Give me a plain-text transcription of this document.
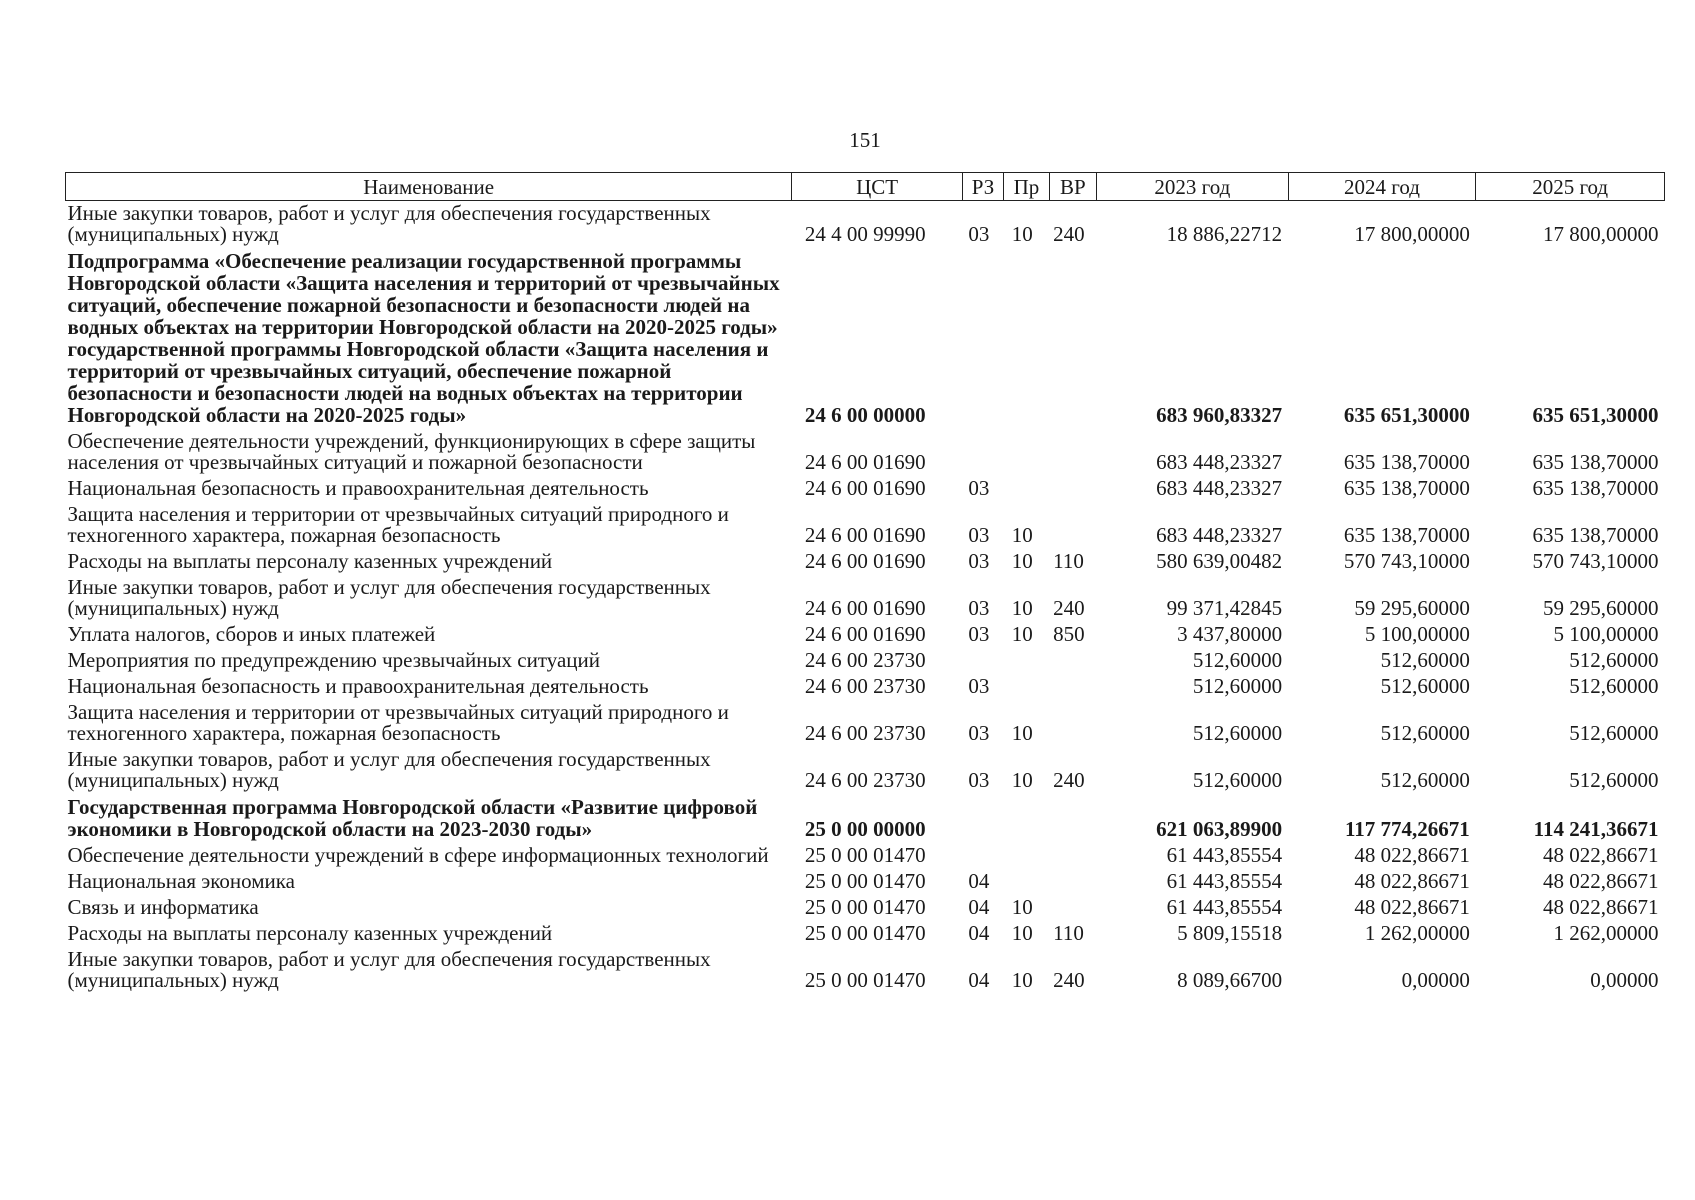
151
Наименование	ЦСТ	РЗ	Пр	ВР	2023 год	2024 год	2025 год
Иные закупки товаров, работ и услуг для обеспечения государственных (муниципальных) нужд	24 4 00 99990	03	10	240	18 886,22712	17 800,00000	17 800,00000
Подпрограмма «Обеспечение реализации государственной программы Новгородской области «Защита населения и территорий от чрезвычайных ситуаций, обеспечение пожарной безопасности и безопасности людей на водных объектах на территории Новгородской области на 2020-2025 годы» государственной программы Новгородской области «Защита населения и территорий от чрезвычайных ситуаций, обеспечение пожарной безопасности и безопасности людей на водных объектах на территории Новгородской области на 2020-2025 годы»	24 6 00 00000				683 960,83327	635 651,30000	635 651,30000
Обеспечение деятельности учреждений, функционирующих в сфере защиты населения от чрезвычайных ситуаций и пожарной безопасности	24 6 00 01690				683 448,23327	635 138,70000	635 138,70000
Национальная безопасность и правоохранительная деятельность	24 6 00 01690	03			683 448,23327	635 138,70000	635 138,70000
Защита населения и территории от чрезвычайных ситуаций природного и техногенного характера, пожарная безопасность	24 6 00 01690	03	10		683 448,23327	635 138,70000	635 138,70000
Расходы на выплаты персоналу казенных учреждений	24 6 00 01690	03	10	110	580 639,00482	570 743,10000	570 743,10000
Иные закупки товаров, работ и услуг для обеспечения государственных (муниципальных) нужд	24 6 00 01690	03	10	240	99 371,42845	59 295,60000	59 295,60000
Уплата налогов, сборов и иных платежей	24 6 00 01690	03	10	850	3 437,80000	5 100,00000	5 100,00000
Мероприятия по предупреждению чрезвычайных ситуаций	24 6 00 23730				512,60000	512,60000	512,60000
Национальная безопасность и правоохранительная деятельность	24 6 00 23730	03			512,60000	512,60000	512,60000
Защита населения и территории от чрезвычайных ситуаций природного и техногенного характера, пожарная безопасность	24 6 00 23730	03	10		512,60000	512,60000	512,60000
Иные закупки товаров, работ и услуг для обеспечения государственных (муниципальных) нужд	24 6 00 23730	03	10	240	512,60000	512,60000	512,60000
Государственная программа Новгородской области «Развитие цифровой экономики в Новгородской области на 2023-2030 годы»	25 0 00 00000				621 063,89900	117 774,26671	114 241,36671
Обеспечение деятельности учреждений в сфере информационных технологий	25 0 00 01470				61 443,85554	48 022,86671	48 022,86671
Национальная экономика	25 0 00 01470	04			61 443,85554	48 022,86671	48 022,86671
Связь и информатика	25 0 00 01470	04	10		61 443,85554	48 022,86671	48 022,86671
Расходы на выплаты персоналу казенных учреждений	25 0 00 01470	04	10	110	5 809,15518	1 262,00000	1 262,00000
Иные закупки товаров, работ и услуг для обеспечения государственных (муниципальных) нужд	25 0 00 01470	04	10	240	8 089,66700	0,00000	0,00000
